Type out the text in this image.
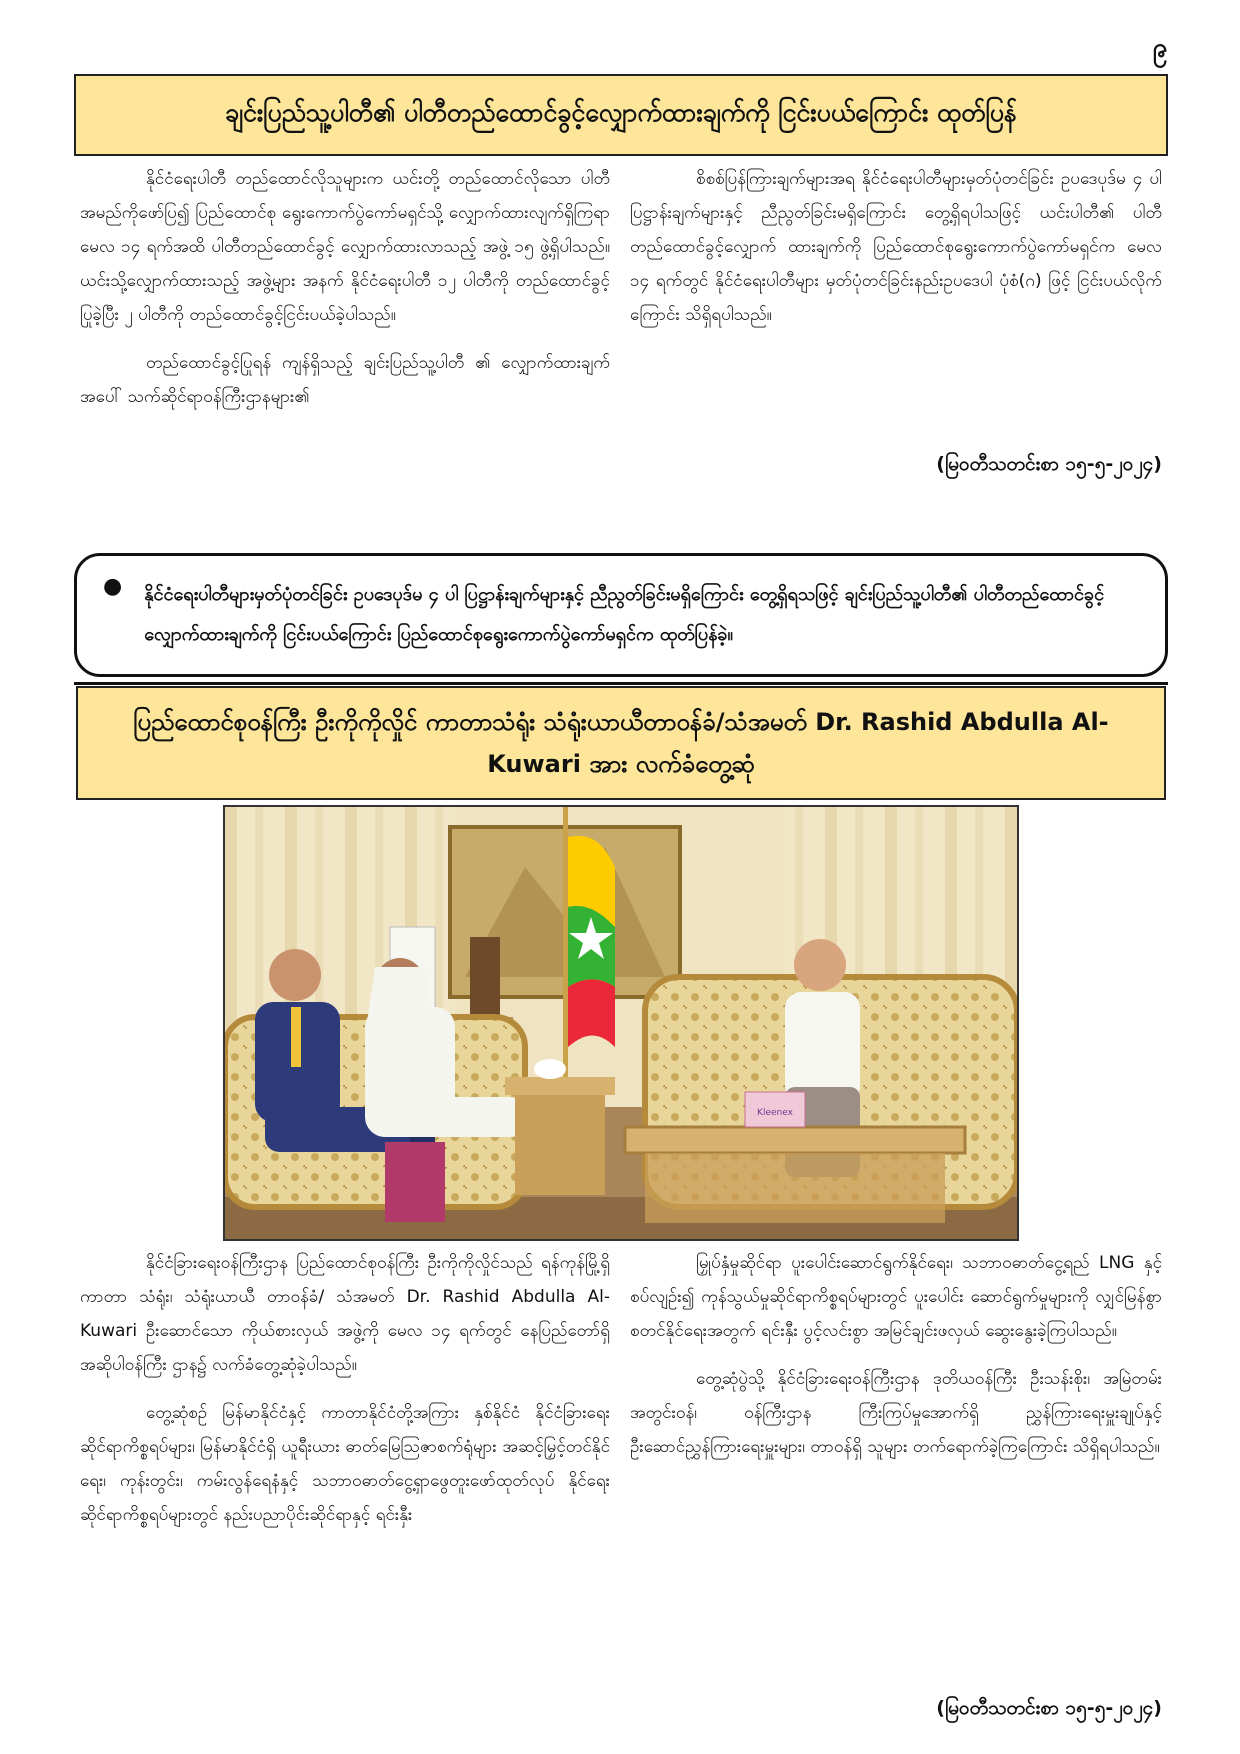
၉
ချင်းပြည်သူ့ပါတီ၏ ပါတီတည်ထောင်ခွင့်လျှောက်ထားချက်ကို ငြင်းပယ်ကြောင်း ထုတ်ပြန်

နိုင်ငံရေးပါတီ တည်ထောင်လိုသူများက ယင်းတို့ တည်ထောင်လိုသော ပါတီအမည်ကိုဖော်ပြ၍ ပြည်ထောင်စု ရွေးကောက်ပွဲကော်မရှင်သို့ လျှောက်ထားလျက်ရှိကြရာ မေလ ၁၄ ရက်အထိ ပါတီတည်ထောင်ခွင့် လျှောက်ထားလာသည့် အဖွဲ့ ၁၅ ဖွဲ့ရှိပါသည်။ ယင်းသို့လျှောက်ထားသည့် အဖွဲ့များ အနက် နိုင်ငံရေးပါတီ ၁၂ ပါတီကို တည်ထောင်ခွင့်ပြုခဲ့ပြီး ၂ ပါတီကို တည်ထောင်ခွင့်ငြင်းပယ်ခဲ့ပါသည်။

တည်ထောင်ခွင့်ပြုရန် ကျန်ရှိသည့် ချင်းပြည်သူ့ပါတီ ၏ လျှောက်ထားချက်အပေါ် သက်ဆိုင်ရာဝန်ကြီးဌာနများ၏

စိစစ်ပြန်ကြားချက်များအရ နိုင်ငံရေးပါတီများမှတ်ပုံတင်ခြင်း ဥပဒေပုဒ်မ ၄ ပါ ပြဋ္ဌာန်းချက်များနှင့် ညီညွတ်ခြင်းမရှိကြောင်း တွေ့ရှိရပါသဖြင့် ယင်းပါတီ၏ ပါတီတည်ထောင်ခွင့်လျှောက် ထားချက်ကို ပြည်ထောင်စုရွေးကောက်ပွဲကော်မရှင်က မေလ ၁၄ ရက်တွင် နိုင်ငံရေးပါတီများ မှတ်ပုံတင်ခြင်းနည်းဥပဒေပါ ပုံစံ(ဂ) ဖြင့် ငြင်းပယ်လိုက်ကြောင်း သိရှိရပါသည်။

(မြဝတီသတင်းစာ ၁၅-၅-၂၀၂၄)
● နိုင်ငံရေးပါတီများမှတ်ပုံတင်ခြင်း ဥပဒေပုဒ်မ ၄ ပါ ပြဋ္ဌာန်းချက်များနှင့် ညီညွတ်ခြင်းမရှိကြောင်း တွေ့ရှိရသဖြင့် ချင်းပြည်သူ့ပါတီ၏ ပါတီတည်ထောင်ခွင့် လျှောက်ထားချက်ကို ငြင်းပယ်ကြောင်း ပြည်ထောင်စုရွေးကောက်ပွဲကော်မရှင်က ထုတ်ပြန်ခဲ့။
ပြည်ထောင်စုဝန်ကြီး ဦးကိုကိုလှိုင် ကာတာသံရုံး သံရုံးယာယီတာဝန်ခံ/သံအမတ် Dr. Rashid Abdulla Al-Kuwari အား လက်ခံတွေ့ဆုံ
Kleenex

နိုင်ငံခြားရေးဝန်ကြီးဌာန ပြည်ထောင်စုဝန်ကြီး ဦးကိုကိုလှိုင်သည် ရန်ကုန်မြို့ရှိ ကာတာ သံရုံး၊ သံရုံးယာယီ တာဝန်ခံ/ သံအမတ် Dr. Rashid Abdulla Al-Kuwari ဦးဆောင်သော ကိုယ်စားလှယ် အဖွဲ့ကို မေလ ၁၄ ရက်တွင် နေပြည်တော်ရှိ အဆိုပါဝန်ကြီး ဌာန၌ လက်ခံတွေ့ဆုံခဲ့ပါသည်။

တွေ့ဆုံစဉ် မြန်မာနိုင်ငံနှင့် ကာတာနိုင်ငံတို့အကြား နှစ်နိုင်ငံ နိုင်ငံခြားရေးဆိုင်ရာကိစ္စရပ်များ၊ မြန်မာနိုင်ငံရှိ ယူရီးယား ဓာတ်မြေသြဇာစက်ရုံများ အဆင့်မြှင့်တင်နိုင်ရေး၊ ကုန်းတွင်း၊ ကမ်းလွန်ရေနံနှင့် သဘာဝဓာတ်ငွေ့ရှာဖွေတူးဖော်ထုတ်လုပ် နိုင်ရေးဆိုင်ရာကိစ္စရပ်များတွင် နည်းပညာပိုင်းဆိုင်ရာနှင့် ရင်းနှီး

မြှုပ်နှံမှုဆိုင်ရာ ပူးပေါင်းဆောင်ရွက်နိုင်ရေး၊ သဘာဝဓာတ်ငွေ့ရည် LNG နှင့်စပ်လျဉ်း၍ ကုန်သွယ်မှုဆိုင်ရာကိစ္စရပ်များတွင် ပူးပေါင်း ဆောင်ရွက်မှုများကို လျှင်မြန်စွာစတင်နိုင်ရေးအတွက် ရင်းနှီး ပွင့်လင်းစွာ အမြင်ချင်းဖလှယ် ဆွေးနွေးခဲ့ကြပါသည်။

တွေ့ဆုံပွဲသို့ နိုင်ငံခြားရေးဝန်ကြီးဌာန ဒုတိယဝန်ကြီး ဦးသန်းစိုး၊ အမြဲတမ်းအတွင်းဝန်၊ ဝန်ကြီးဌာန ကြီးကြပ်မှုအောက်ရှိ ညွှန်ကြားရေးမှူးချုပ်နှင့် ဦးဆောင်ညွှန်ကြားရေးမှူးများ၊ တာဝန်ရှိ သူများ တက်ရောက်ခဲ့ကြကြောင်း သိရှိရပါသည်။

(မြဝတီသတင်းစာ ၁၅-၅-၂၀၂၄)
